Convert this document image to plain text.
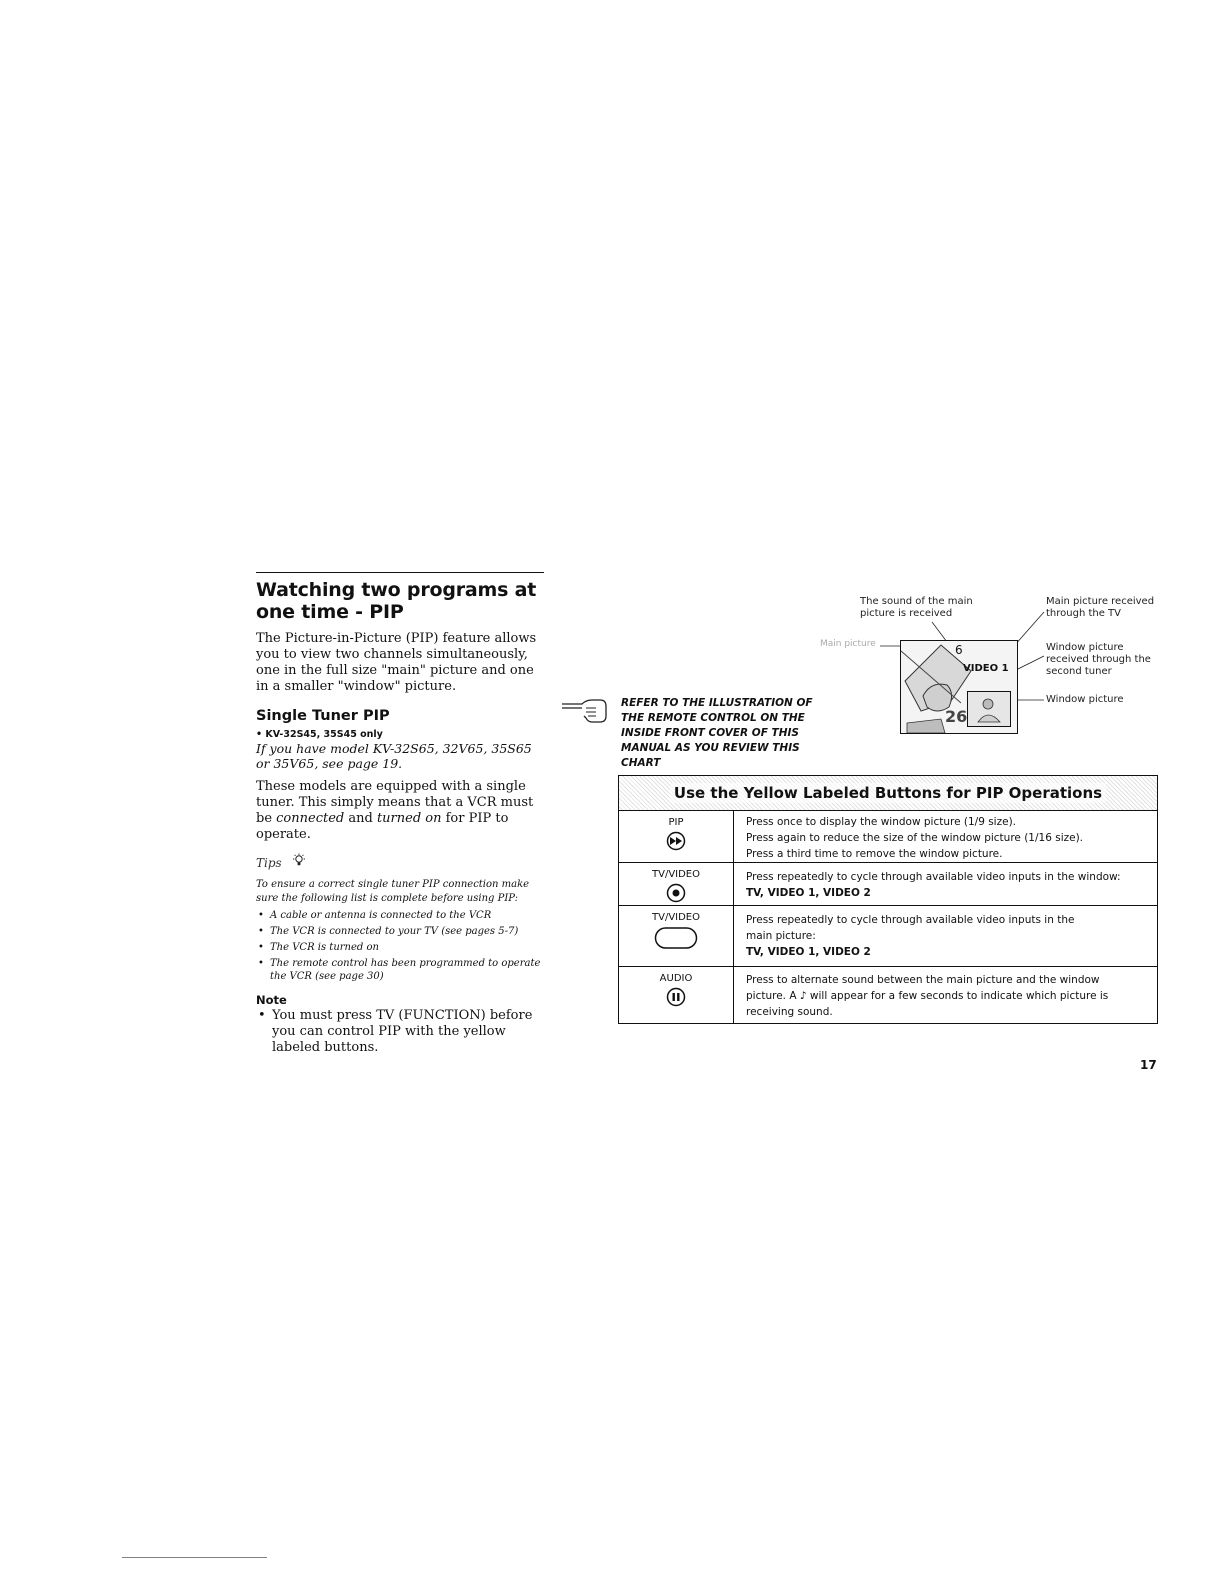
Watching two programs at one time - PIP

The Picture-in-Picture (PIP) feature allows you to view two channels simultaneously, one in the full size "main" picture and one in a smaller "window" picture.

Single Tuner PIP

• KV-32S45, 35S45 only

If you have model KV-32S65, 32V65, 35S65 or 35V65, see page 19.

These models are equipped with a single tuner. This simply means that a VCR must be connected and turned on for PIP to operate.

Tips

To ensure a correct single tuner PIP connection make sure the following list is complete before using PIP:

• A cable or antenna is connected to the VCR
• The VCR is connected to your TV (see pages 5-7)
• The VCR is turned on
• The remote control has been programmed to operate the VCR (see page 30)
Note
• You must press TV (FUNCTION) before you can control PIP with the yellow labeled buttons.

REFER TO THE ILLUSTRATION OF THE REMOTE CONTROL ON THE INSIDE FRONT COVER OF THIS MANUAL AS YOU REVIEW THIS CHART

The sound of the main picture is received

Main picture received through the TV

Window picture received through the second tuner

Window picture

Main picture	6
VIDEO 1
26
Use the Yellow Labeled Buttons for PIP Operations

PIP	Press once to display the window picture (1/9 size).

Press again to reduce the size of the window picture (1/16 size).

Press a third time to remove the window picture.

TV/VIDEO	Press repeatedly to cycle through available video inputs in the window:

TV, VIDEO 1, VIDEO 2

TV/VIDEO	Press repeatedly to cycle through available video inputs in the

main picture:

TV, VIDEO 1, VIDEO 2

AUDIO	Press to alternate sound between the main picture and the window

picture. A ♪ will appear for a few seconds to indicate which picture is

receiving sound.

17
